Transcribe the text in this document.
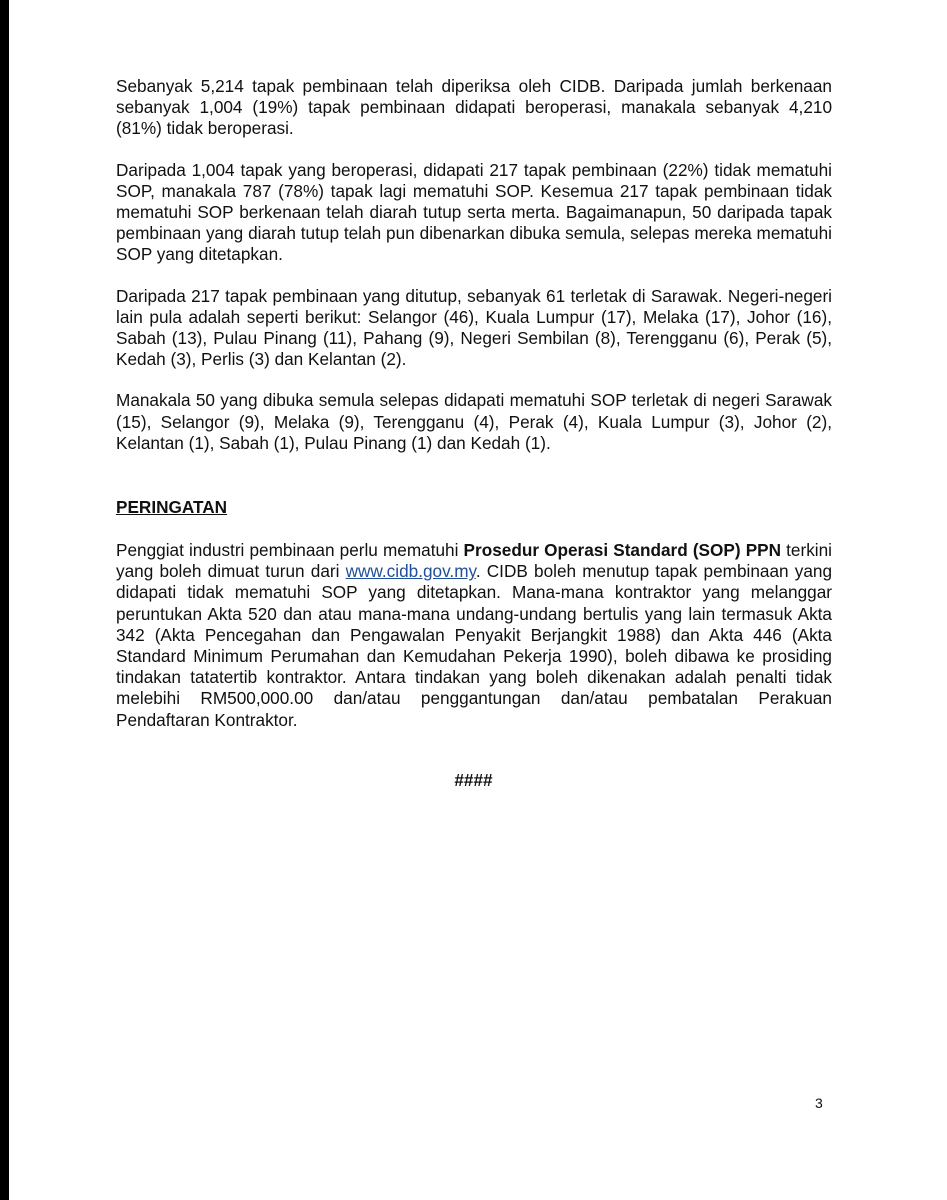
Sebanyak 5,214 tapak pembinaan telah diperiksa oleh CIDB. Daripada jumlah berkenaan sebanyak 1,004 (19%) tapak pembinaan didapati beroperasi, manakala sebanyak 4,210 (81%) tidak beroperasi.

Daripada 1,004 tapak yang beroperasi, didapati 217 tapak pembinaan (22%) tidak mematuhi SOP, manakala 787 (78%) tapak lagi mematuhi SOP. Kesemua 217 tapak pembinaan tidak mematuhi SOP berkenaan telah diarah tutup serta merta. Bagaimanapun, 50 daripada tapak pembinaan yang diarah tutup telah pun dibenarkan dibuka semula, selepas mereka mematuhi SOP yang ditetapkan.

Daripada 217 tapak pembinaan yang ditutup, sebanyak 61 terletak di Sarawak. Negeri-negeri lain pula adalah seperti berikut: Selangor (46), Kuala Lumpur (17), Melaka (17), Johor (16), Sabah (13), Pulau Pinang (11), Pahang (9), Negeri Sembilan (8), Terengganu (6), Perak (5), Kedah (3), Perlis (3) dan Kelantan (2).

Manakala 50 yang dibuka semula selepas didapati mematuhi SOP terletak di negeri Sarawak (15), Selangor (9), Melaka (9), Terengganu (4), Perak (4), Kuala Lumpur (3), Johor (2), Kelantan (1), Sabah (1), Pulau Pinang (1) dan Kedah (1).

PERINGATAN

Penggiat industri pembinaan perlu mematuhi Prosedur Operasi Standard (SOP) PPN terkini yang boleh dimuat turun dari www.cidb.gov.my. CIDB boleh menutup tapak pembinaan yang didapati tidak mematuhi SOP yang ditetapkan. Mana-mana kontraktor yang melanggar peruntukan Akta 520 dan atau mana-mana undang-undang bertulis yang lain termasuk Akta 342 (Akta Pencegahan dan Pengawalan Penyakit Berjangkit 1988) dan Akta 446 (Akta Standard Minimum Perumahan dan Kemudahan Pekerja 1990), boleh dibawa ke prosiding tindakan tatatertib kontraktor. Antara tindakan yang boleh dikenakan adalah penalti tidak melebihi RM500,000.00 dan/atau penggantungan dan/atau pembatalan Perakuan Pendaftaran Kontraktor.

####
3
